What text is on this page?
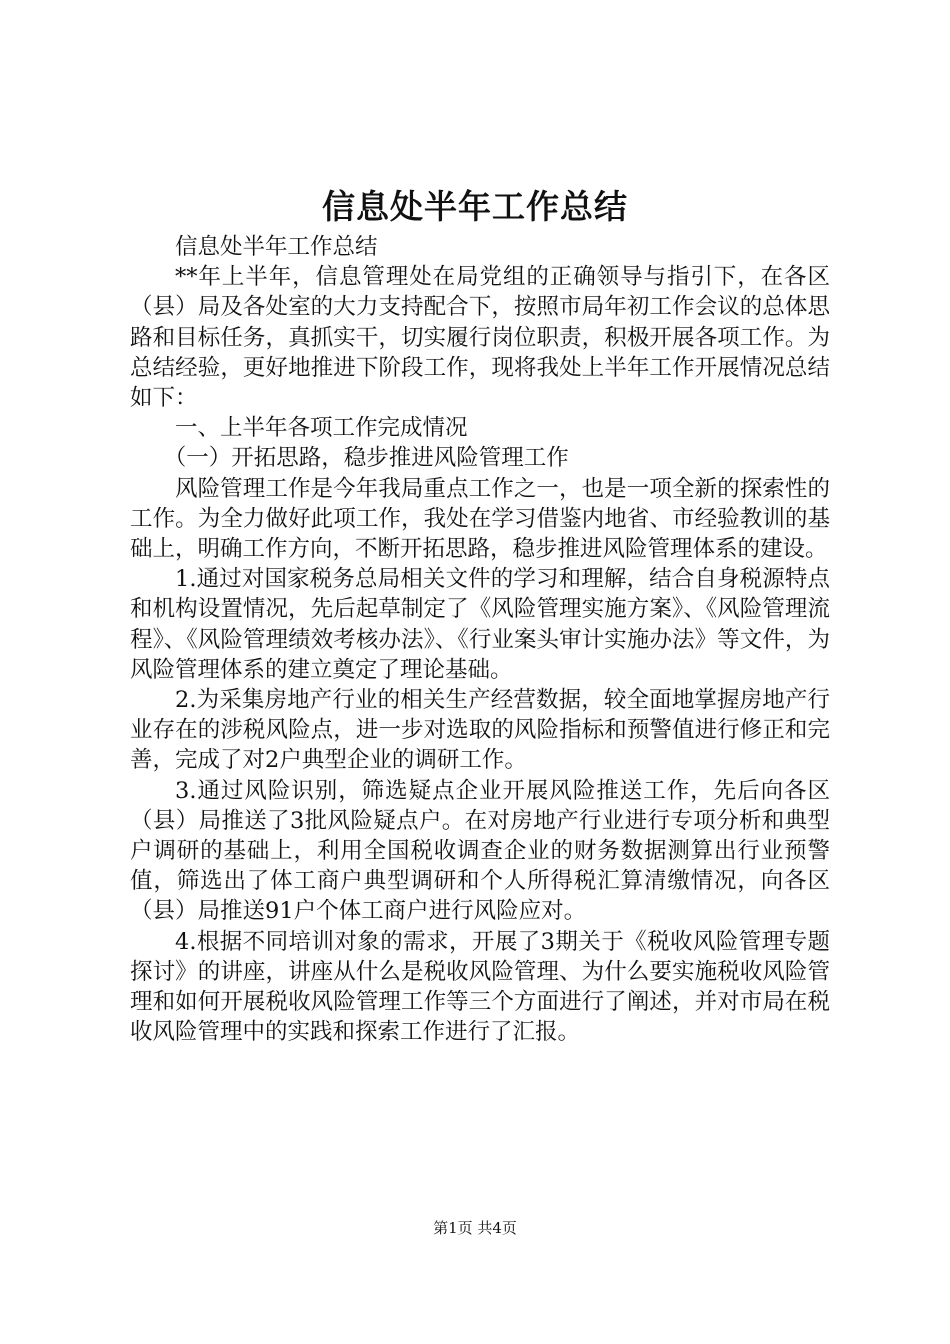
信息处半年工作总结

信息处半年工作总结

**年上半年，信息管理处在局党组的正确领导与指引下，在各区（县）局及各处室的大力支持配合下，按照市局年初工作会议的总体思路和目标任务，真抓实干，切实履行岗位职责，积极开展各项工作。为总结经验，更好地推进下阶段工作，现将我处上半年工作开展情况总结如下：

一、上半年各项工作完成情况

（一）开拓思路，稳步推进风险管理工作

风险管理工作是今年我局重点工作之一，也是一项全新的探索性的工作。为全力做好此项工作，我处在学习借鉴内地省、市经验教训的基础上，明确工作方向，不断开拓思路，稳步推进风险管理体系的建设。

1.通过对国家税务总局相关文件的学习和理解，结合自身税源特点和机构设置情况，先后起草制定了《风险管理实施方案》、《风险管理流程》、《风险管理绩效考核办法》、《行业案头审计实施办法》等文件，为风险管理体系的建立奠定了理论基础。

2.为采集房地产行业的相关生产经营数据，较全面地掌握房地产行业存在的涉税风险点，进一步对选取的风险指标和预警值进行修正和完善，完成了对2户典型企业的调研工作。

3.通过风险识别，筛选疑点企业开展风险推送工作，先后向各区（县）局推送了3批风险疑点户。在对房地产行业进行专项分析和典型户调研的基础上，利用全国税收调查企业的财务数据测算出行业预警值，筛选出了体工商户典型调研和个人所得税汇算清缴情况，向各区（县）局推送91户个体工商户进行风险应对。

4.根据不同培训对象的需求，开展了3期关于《税收风险管理专题探讨》的讲座，讲座从什么是税收风险管理、为什么要实施税收风险管理和如何开展税收风险管理工作等三个方面进行了阐述，并对市局在税收风险管理中的实践和探索工作进行了汇报。

第1页 共4页
